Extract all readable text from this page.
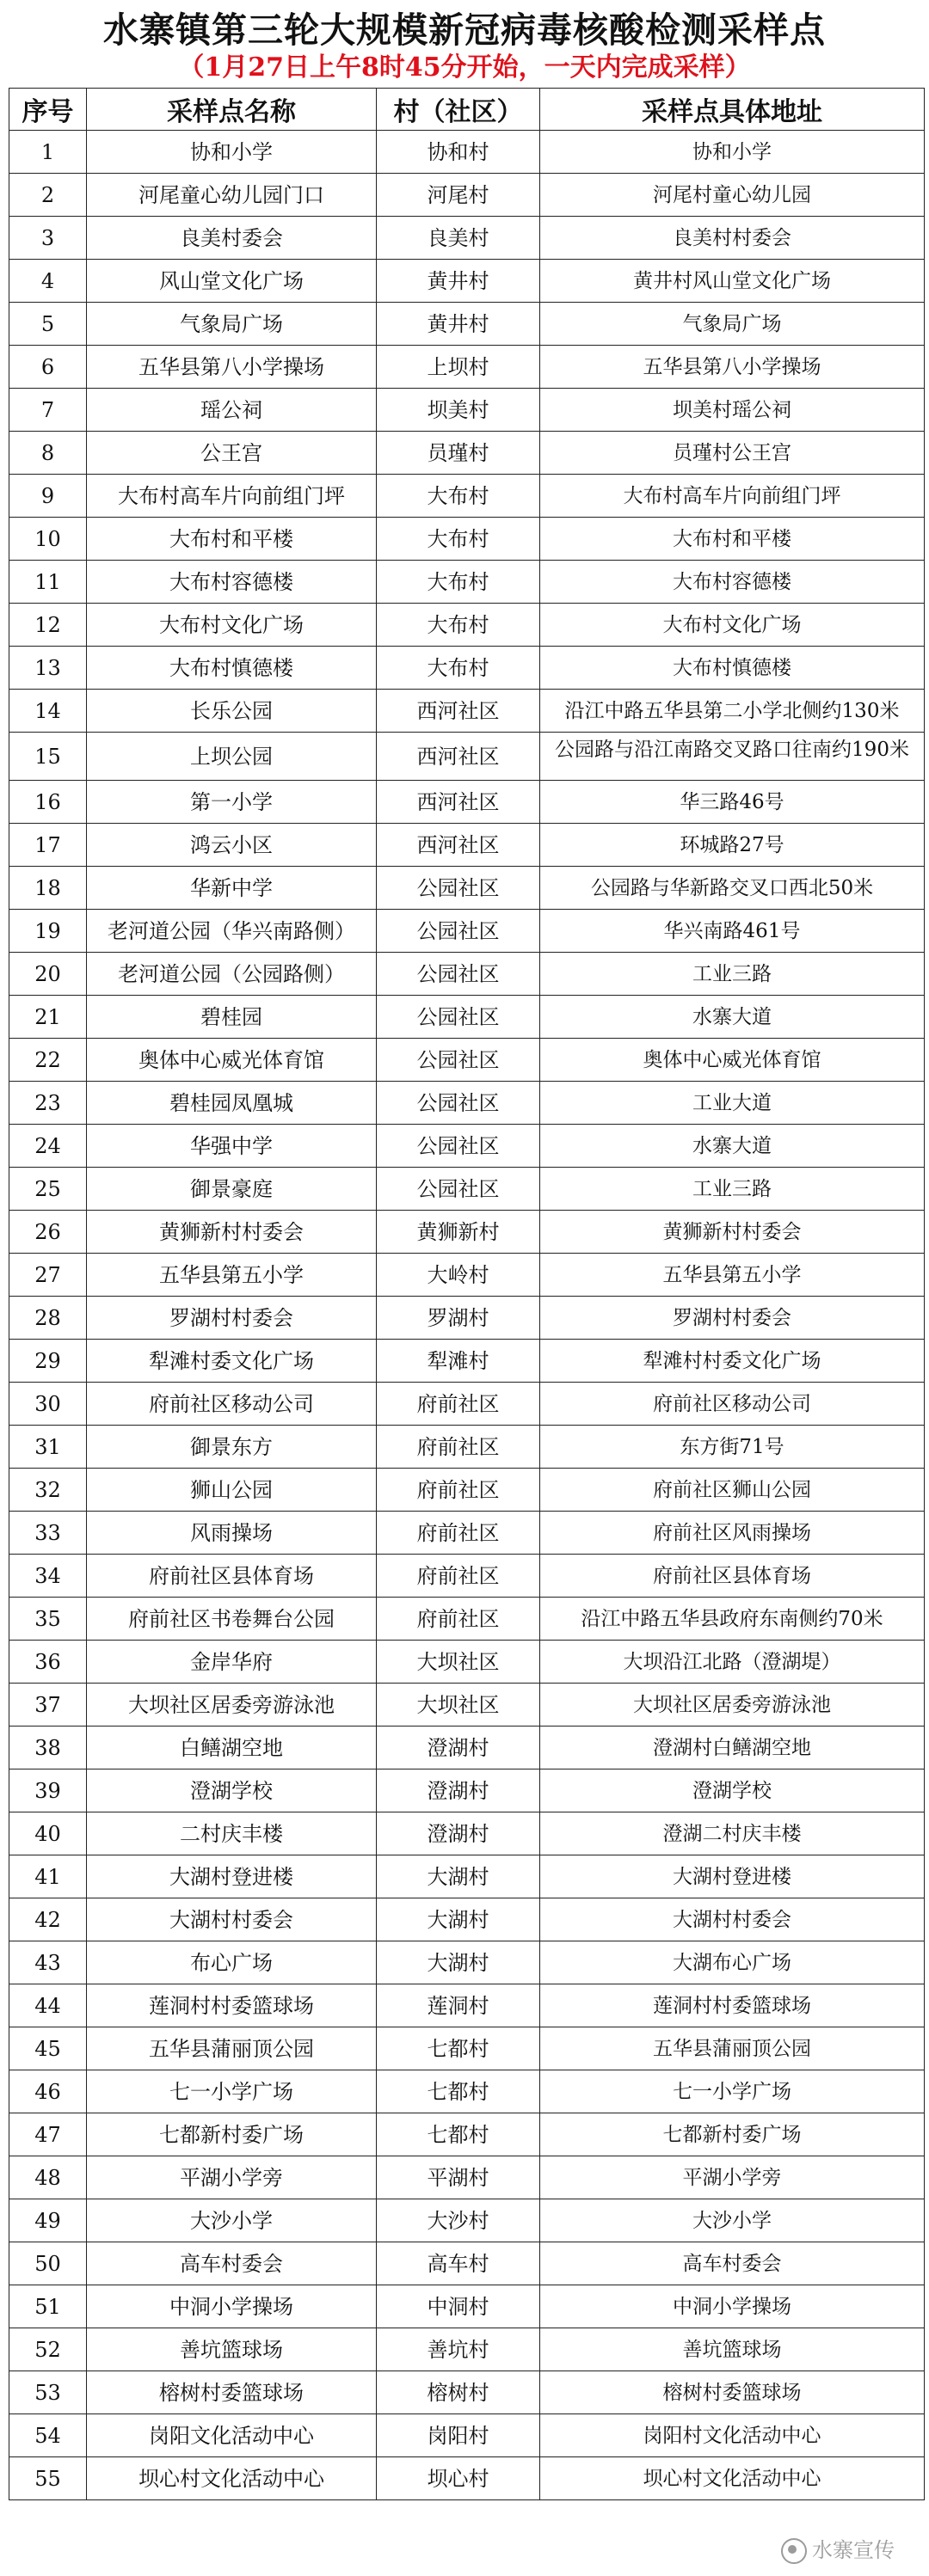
水寨镇第三轮大规模新冠病毒核酸检测采样点
（1月27日上午8时45分开始，一天内完成采样）
序号	采样点名称	村（社区）	采样点具体地址
1	协和小学	协和村	协和小学
2	河尾童心幼儿园门口	河尾村	河尾村童心幼儿园
3	良美村委会	良美村	良美村村委会
4	风山堂文化广场	黄井村	黄井村风山堂文化广场
5	气象局广场	黄井村	气象局广场
6	五华县第八小学操场	上坝村	五华县第八小学操场
7	瑶公祠	坝美村	坝美村瑶公祠
8	公王宫	员瑾村	员瑾村公王宫
9	大布村高车片向前组门坪	大布村	大布村高车片向前组门坪
10	大布村和平楼	大布村	大布村和平楼
11	大布村容德楼	大布村	大布村容德楼
12	大布村文化广场	大布村	大布村文化广场
13	大布村慎德楼	大布村	大布村慎德楼
14	长乐公园	西河社区	沿江中路五华县第二小学北侧约130米
15	上坝公园	西河社区	公园路与沿江南路交叉路口往南约190米
16	第一小学	西河社区	华三路46号
17	鸿云小区	西河社区	环城路27号
18	华新中学	公园社区	公园路与华新路交叉口西北50米
19	老河道公园（华兴南路侧）	公园社区	华兴南路461号
20	老河道公园（公园路侧）	公园社区	工业三路
21	碧桂园	公园社区	水寨大道
22	奥体中心威光体育馆	公园社区	奥体中心威光体育馆
23	碧桂园凤凰城	公园社区	工业大道
24	华强中学	公园社区	水寨大道
25	御景豪庭	公园社区	工业三路
26	黄狮新村村委会	黄狮新村	黄狮新村村委会
27	五华县第五小学	大岭村	五华县第五小学
28	罗湖村村委会	罗湖村	罗湖村村委会
29	犁滩村委文化广场	犁滩村	犁滩村村委文化广场
30	府前社区移动公司	府前社区	府前社区移动公司
31	御景东方	府前社区	东方街71号
32	狮山公园	府前社区	府前社区狮山公园
33	风雨操场	府前社区	府前社区风雨操场
34	府前社区县体育场	府前社区	府前社区县体育场
35	府前社区书卷舞台公园	府前社区	沿江中路五华县政府东南侧约70米
36	金岸华府	大坝社区	大坝沿江北路（澄湖堤）
37	大坝社区居委旁游泳池	大坝社区	大坝社区居委旁游泳池
38	白鳝湖空地	澄湖村	澄湖村白鳝湖空地
39	澄湖学校	澄湖村	澄湖学校
40	二村庆丰楼	澄湖村	澄湖二村庆丰楼
41	大湖村登进楼	大湖村	大湖村登进楼
42	大湖村村委会	大湖村	大湖村村委会
43	布心广场	大湖村	大湖布心广场
44	莲洞村村委篮球场	莲洞村	莲洞村村委篮球场
45	五华县蒲丽顶公园	七都村	五华县蒲丽顶公园
46	七一小学广场	七都村	七一小学广场
47	七都新村委广场	七都村	七都新村委广场
48	平湖小学旁	平湖村	平湖小学旁
49	大沙小学	大沙村	大沙小学
50	高车村委会	高车村	高车村委会
51	中洞小学操场	中洞村	中洞小学操场
52	善坑篮球场	善坑村	善坑篮球场
53	榕树村委篮球场	榕树村	榕树村委篮球场
54	岗阳文化活动中心	岗阳村	岗阳村文化活动中心
55	坝心村文化活动中心	坝心村	坝心村文化活动中心
水寨宣传
